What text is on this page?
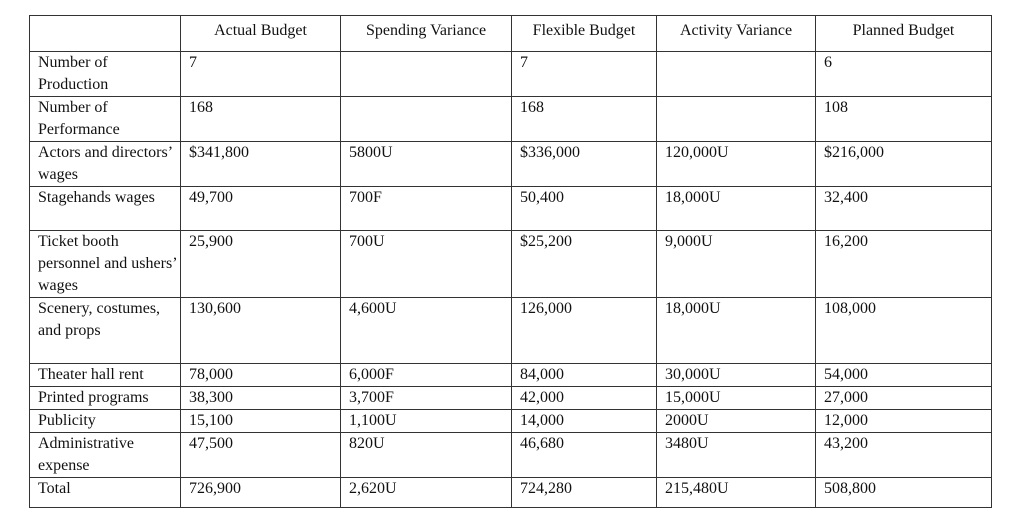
	Actual Budget	Spending Variance	Flexible Budget	Activity Variance	Planned Budget
Number of Production	7		7		6
Number of Performance	168		168		108
Actors and directors’ wages	$341,800	5800U	$336,000	120,000U	$216,000
Stagehands wages	49,700	700F	50,400	18,000U	32,400
Ticket booth personnel and ushers’ wages	25,900	700U	$25,200	9,000U	16,200
Scenery, costumes, and props	130,600	4,600U	126,000	18,000U	108,000
Theater hall rent	78,000	6,000F	84,000	30,000U	54,000
Printed programs	38,300	3,700F	42,000	15,000U	27,000
Publicity	15,100	1,100U	14,000	2000U	12,000
Administrative expense	47,500	820U	46,680	3480U	43,200
Total	726,900	2,620U	724,280	215,480U	508,800
